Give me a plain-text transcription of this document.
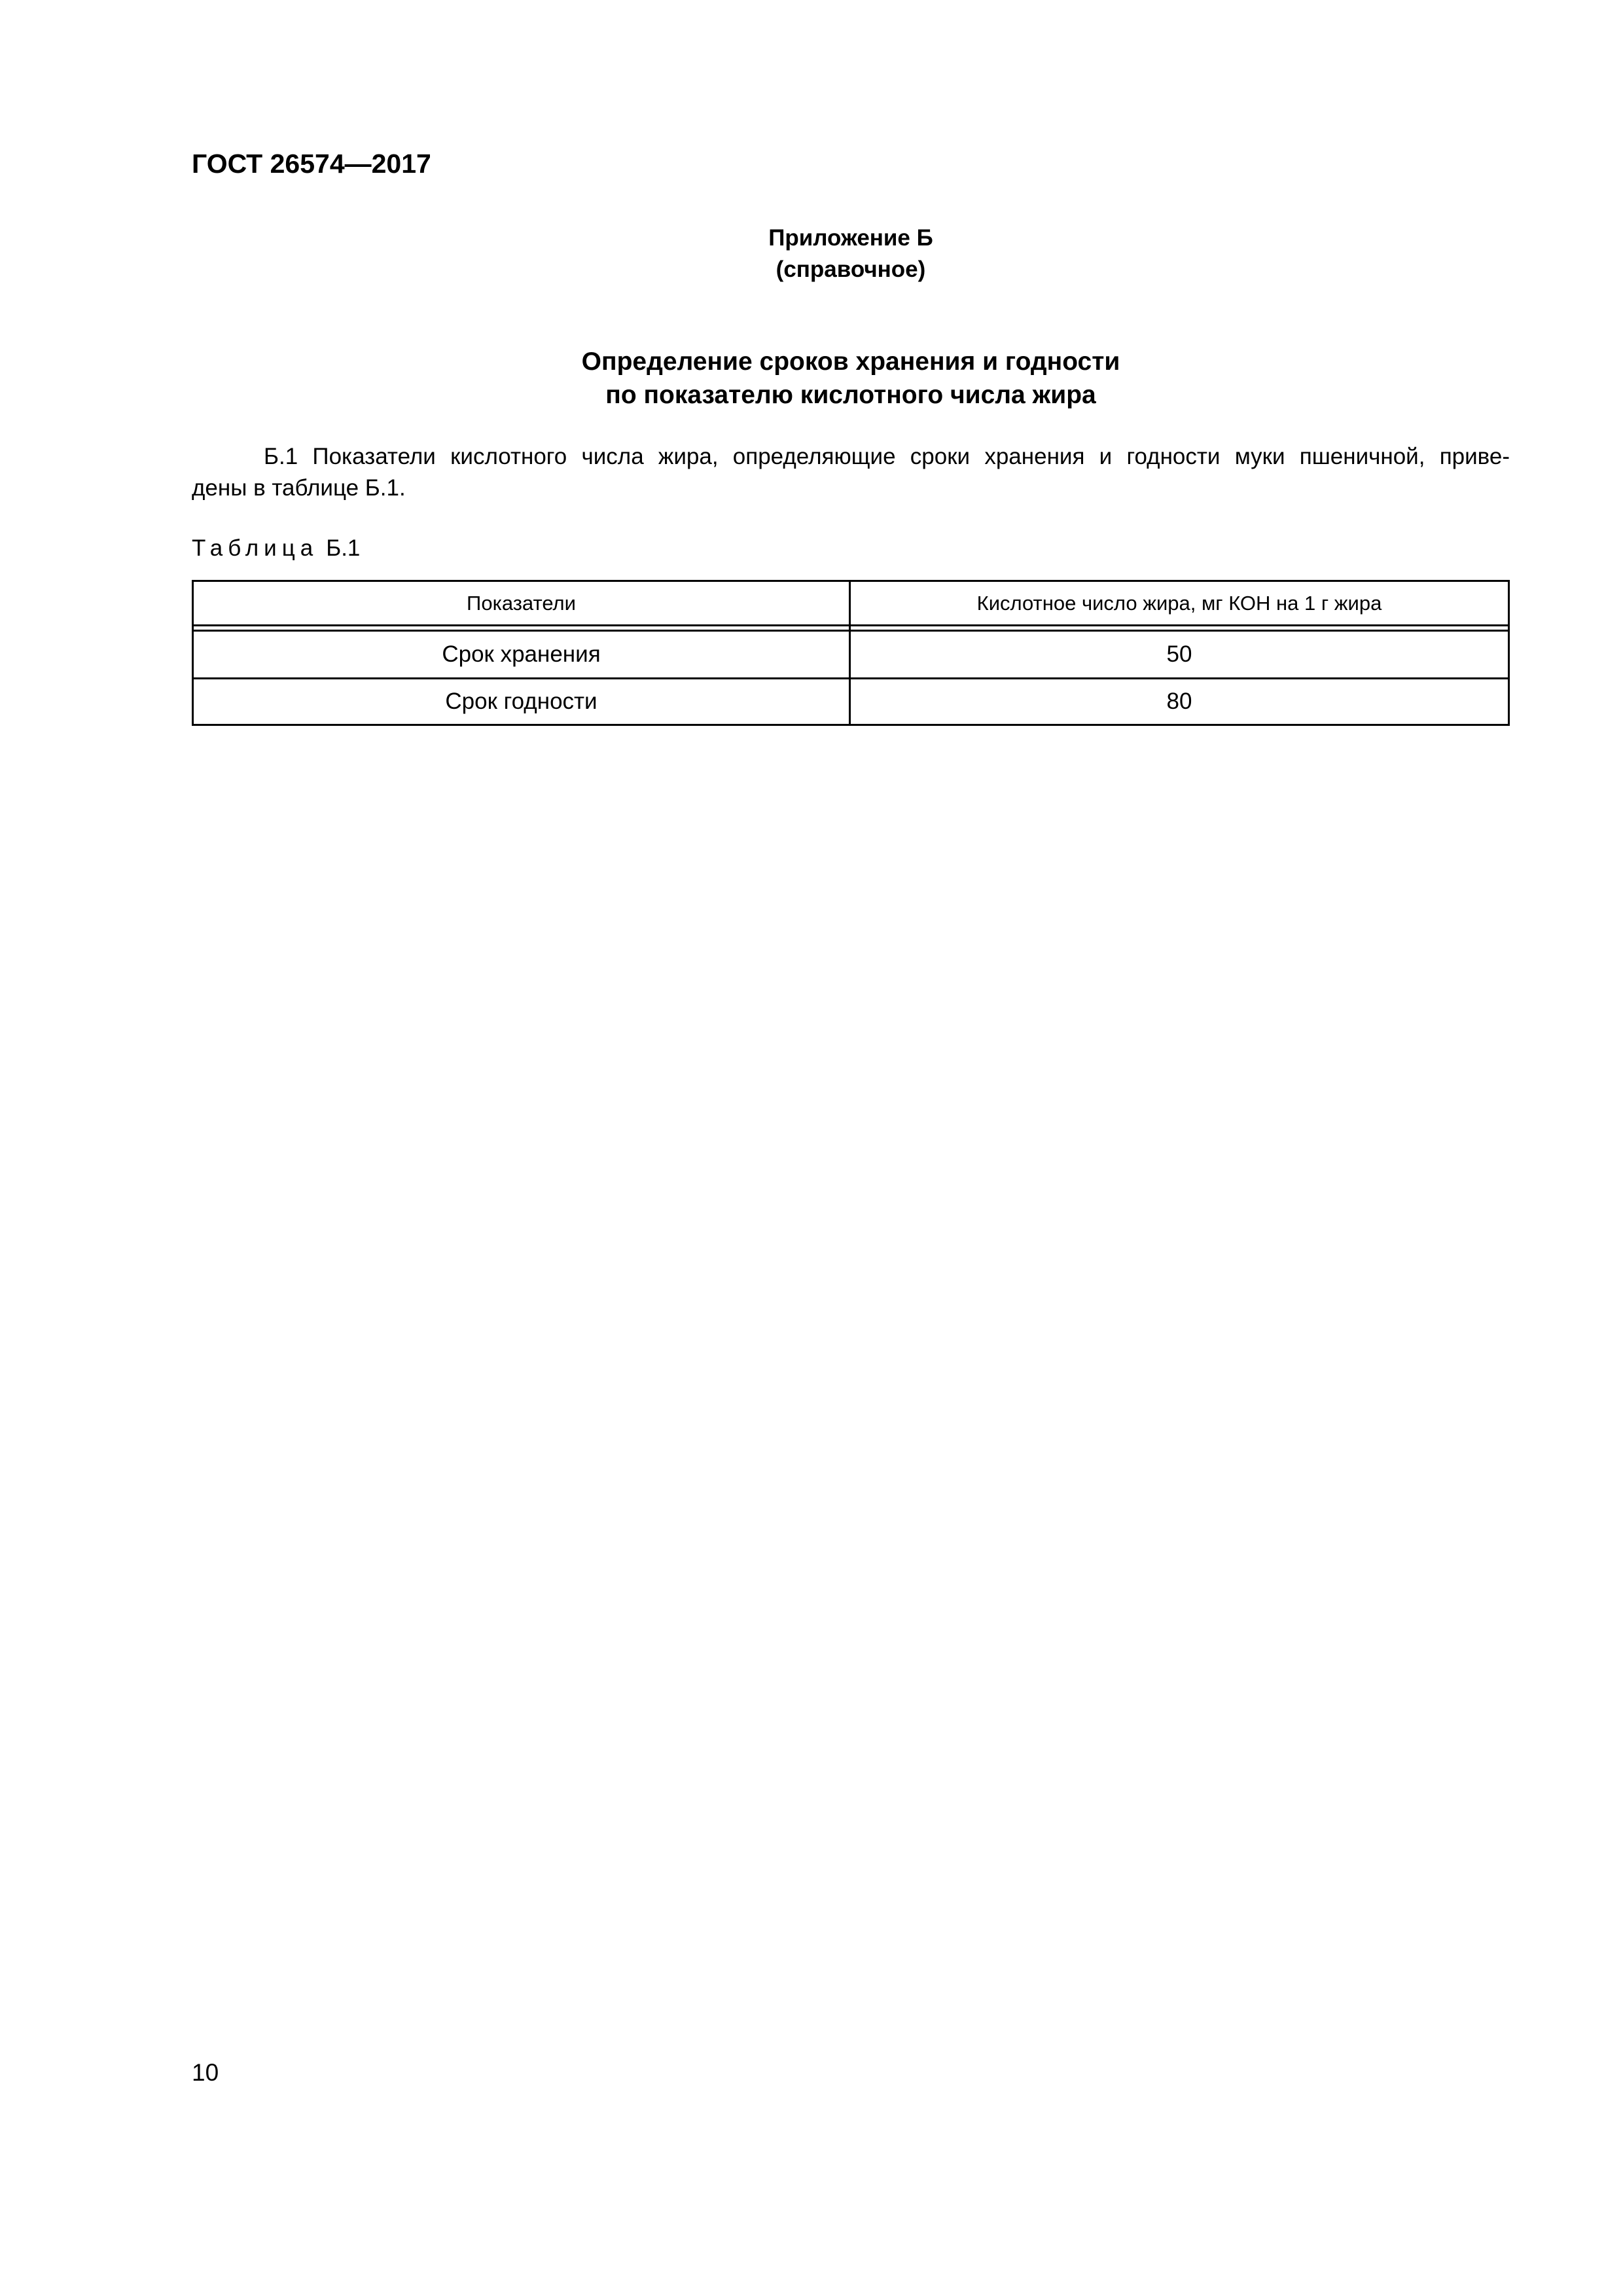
ГОСТ 26574—2017
Приложение Б
(справочное)
Определение сроков хранения и годности
по показателю кислотного числа жира
Б.1 Показатели кислотного числа жира, определяющие сроки хранения и годности муки пшеничной, приве-
дены в таблице Б.1.
Таблица Б.1
Показатели	Кислотное число жира, мг КОН на 1 г жира
Срок хранения	50
Срок годности	80
10
